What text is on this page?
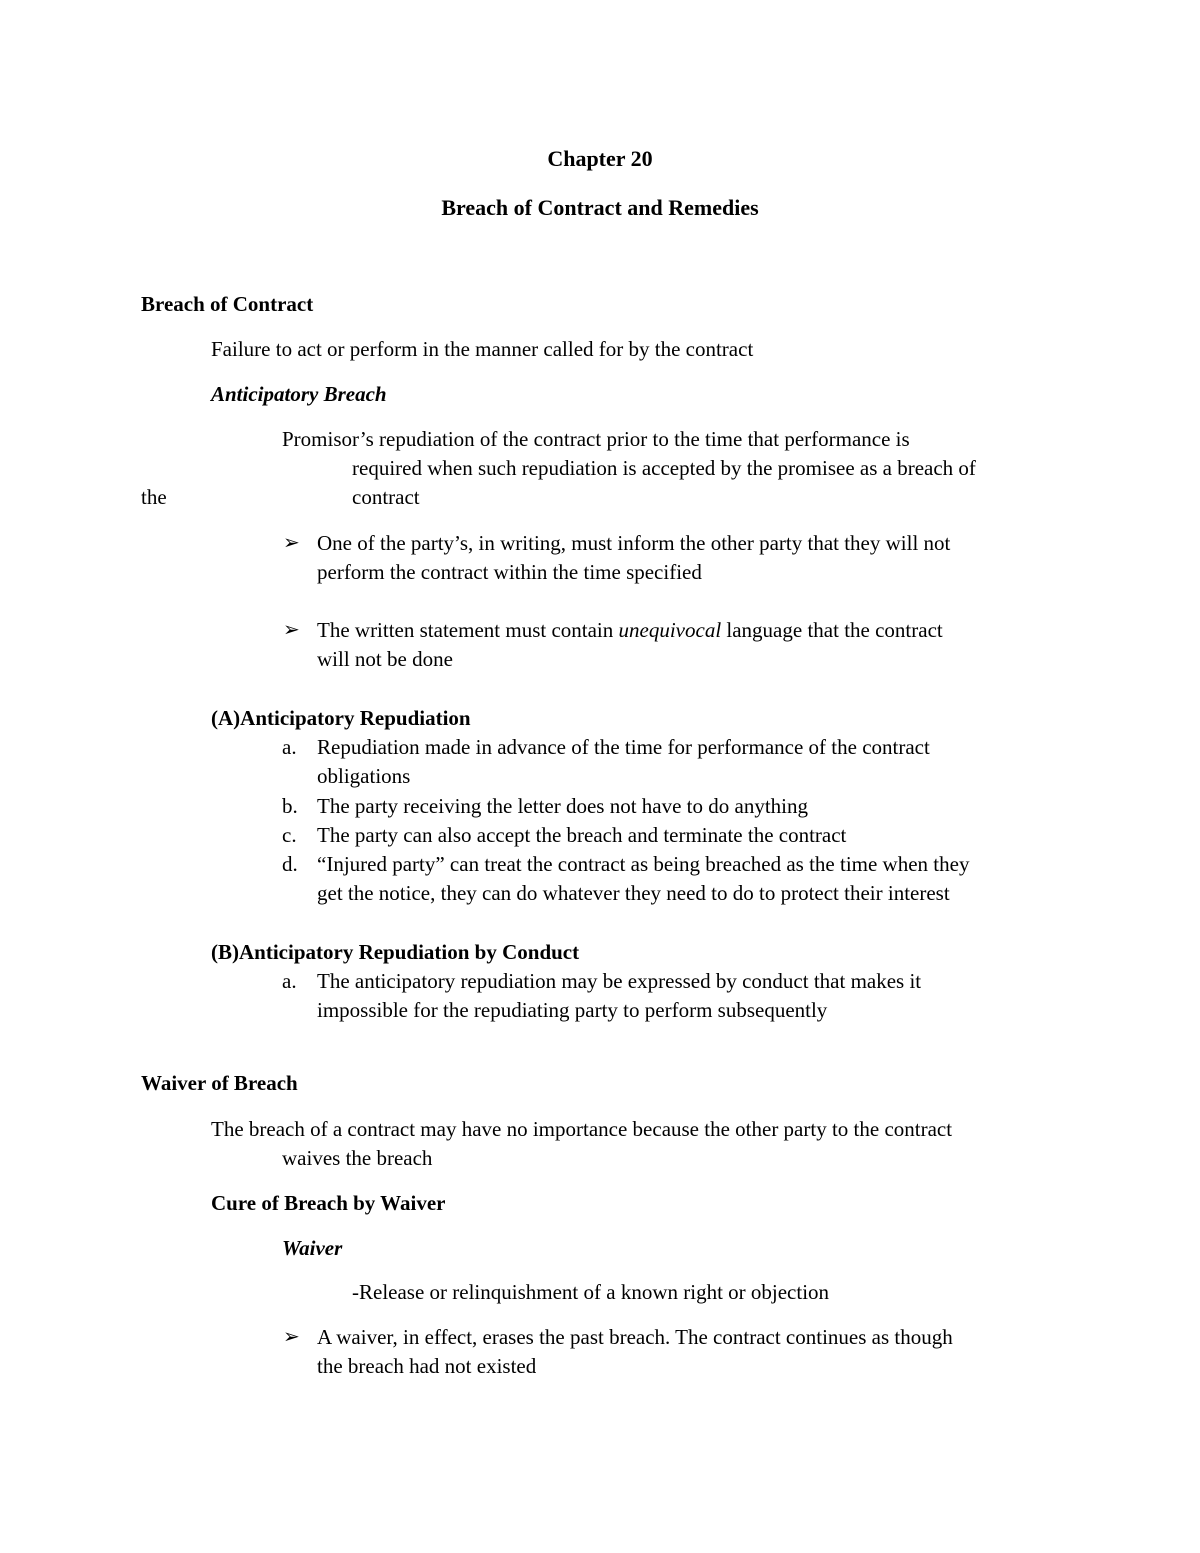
Chapter 20
Breach of Contract and Remedies
Breach of Contract
Failure to act or perform in the manner called for by the contract
Anticipatory Breach
Promisor’s repudiation of the contract prior to the time that performance is
required when such repudiation is accepted by the promisee as a breach of
the	contract
➢ One of the party’s, in writing, must inform the other party that they will not
perform the contract within the time specified
➢ The written statement must contain unequivocal language that the contract
will not be done
(A)Anticipatory Repudiation
a. Repudiation made in advance of the time for performance of the contract
obligations
b. The party receiving the letter does not have to do anything
c. The party can also accept the breach and terminate the contract
d. “Injured party” can treat the contract as being breached as the time when they
get the notice, they can do whatever they need to do to protect their interest
(B)Anticipatory Repudiation by Conduct
a. The anticipatory repudiation may be expressed by conduct that makes it
impossible for the repudiating party to perform subsequently
Waiver of Breach
The breach of a contract may have no importance because the other party to the contract
waives the breach
Cure of Breach by Waiver
Waiver
-Release or relinquishment of a known right or objection
➢ A waiver, in effect, erases the past breach. The contract continues as though
the breach had not existed
